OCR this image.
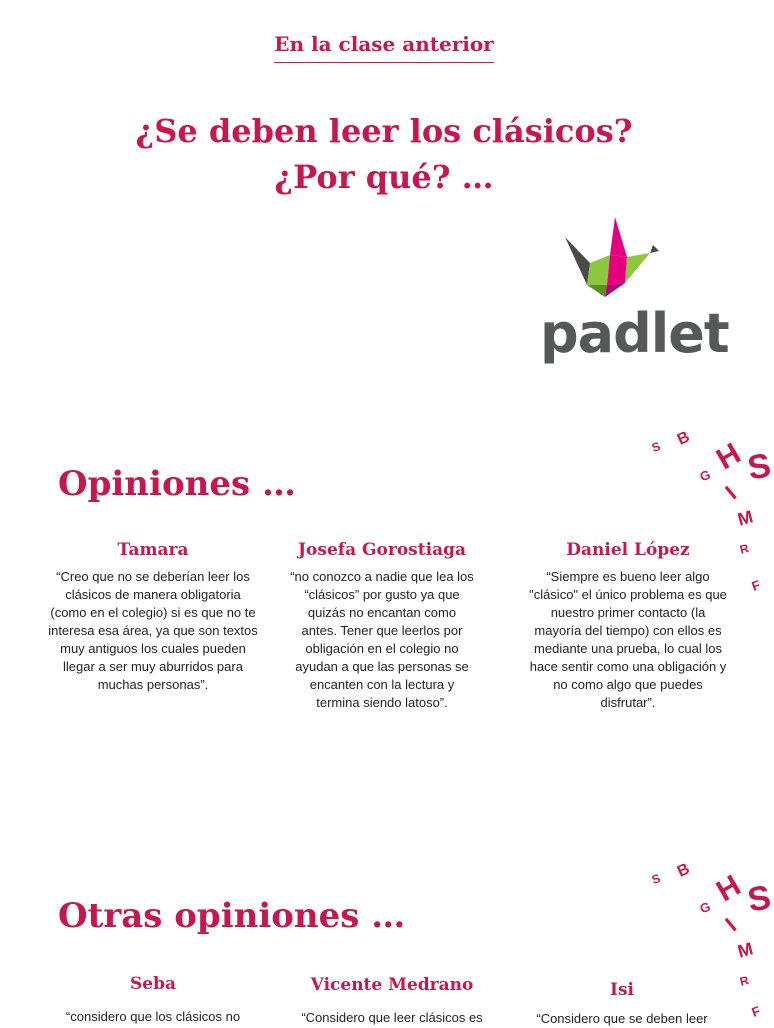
En la clase anterior
¿Se deben leer los clásicos?
¿Por qué? …
padlet
Opiniones …
Tamara
“Creo que no se deberían leer los clásicos de manera obligatoria (como en el colegio) si es que no te interesa esa área, ya que son textos muy antiguos los cuales pueden llegar a ser muy aburridos para muchas personas”.
Josefa Gorostiaga
“no conozco a nadie que lea los “clásicos” por gusto ya que quizás no encantan como antes. Tener que leerlos por obligación en el colegio no ayudan a que las personas se encanten con la lectura y termina siendo latoso”.
Daniel López
“Siempre es bueno leer algo "clásico" el único problema es que nuestro primer contacto (la mayoría del tiempo) con ellos es mediante una prueba, lo cual los hace sentir como una obligación y no como algo que puedes disfrutar”.
Otras opiniones …
Seba
“considero que los clásicos no
Vicente Medrano
“Considero que leer clásicos es
Isi
“Considero que se deben leer
S B H
S
G
I
M
R
F
S B H
S
G
I
M
R
F
